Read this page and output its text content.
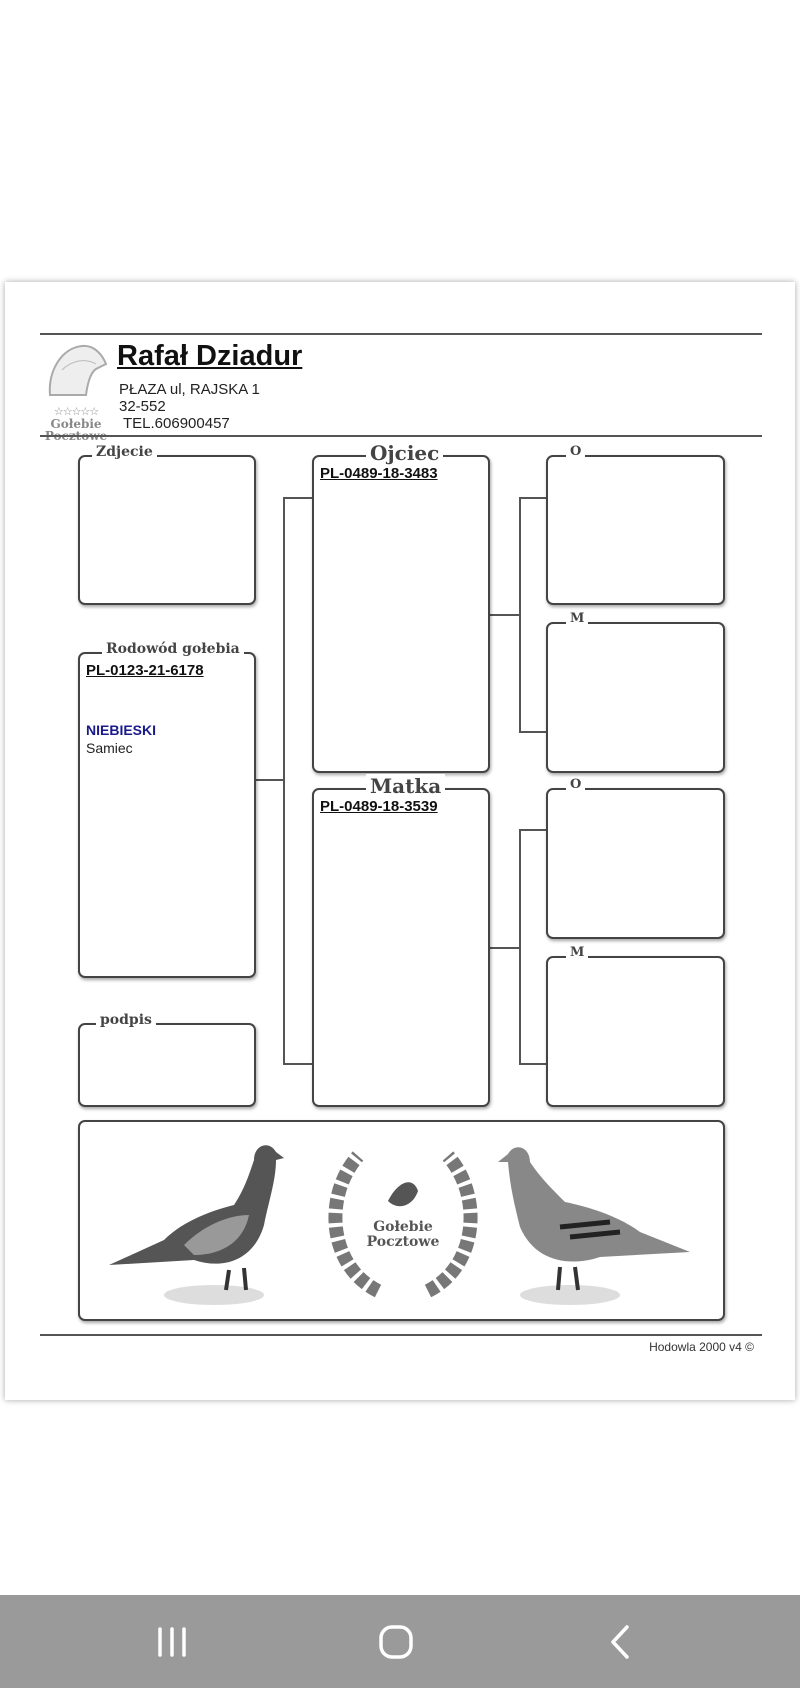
☆☆☆☆☆
Gołebie
Rafał Dziadur
PŁAZA ul, RAJSKA 1
32-552
TEL.606900457
Zdjecie
Rodowód gołebia
PL-0123-21-6178
NIEBIESKI
Samiec
podpis
Ojciec
PL-0489-18-3483
Matka
PL-0489-18-3539
O
M
O
M
Gołebie
Pocztowe
Hodowla 2000 v4 ©
